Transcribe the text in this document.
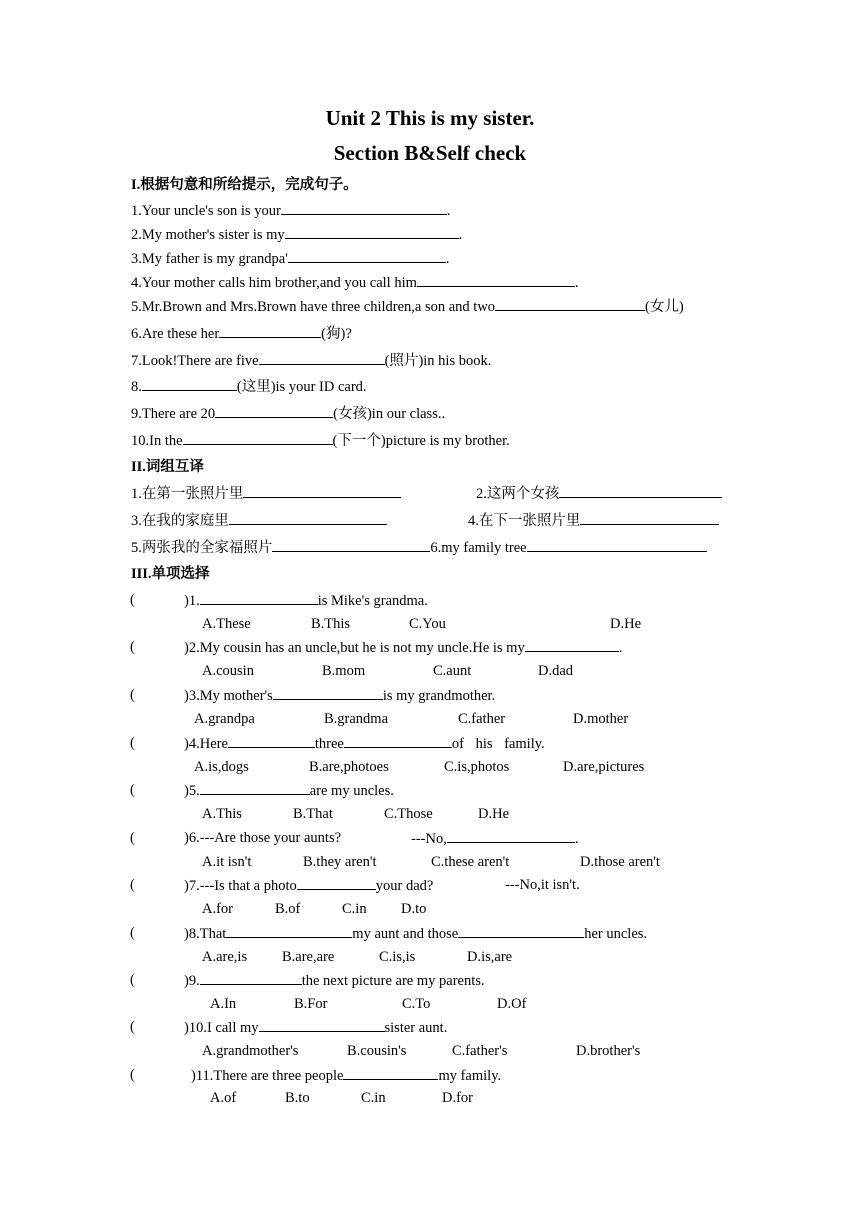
Unit 2 This is my sister.
Section B&Self check
I.根据句意和所给提示，完成句子。
1.Your uncle's son is your	.
2.My mother's sister is my	.
3.My father is my grandpa'	.
4.Your mother calls him brother,and you call him	.
5.Mr.Brown and Mrs.Brown have three children,a son and two	(女儿)
6.Are these her	(狗)?
7.Look!There are five	(照片)in his book.
8.	(这里)is your ID card.
9.There are 20	(女孩)in our class..
10.In the	(下一个)picture is my brother.
II.词组互译
1.在第一张照片里	2.这两个女孩
3.在我的家庭里	4.在下一张照片里
5.两张我的全家福照片	6.my family tree
III.单项选择
(	)1.	is Mike's grandma.
A.These	B.This	C.You	D.He
(	)2.My cousin has an uncle,but he is not my uncle.He is my	.
A.cousin	B.mom	C.aunt	D.dad
(	)3.My mother's	is my grandmother.
A.grandpa	B.grandma	C.father	D.mother
(	)4.Here	three	of his family.
A.is,dogs	B.are,photoes	C.is,photos	D.are,pictures
(	)5.	are my uncles.
A.This	B.That	C.Those	D.He
(	)6.---Are those your aunts?	---No,	.
A.it isn't	B.they aren't	C.these aren't	D.those aren't
(	)7.---Is that a photo	your dad?	---No,it isn't.
A.for	B.of	C.in D.to
(	)8.That	my aunt and those	her uncles.
A.are,is B.are,are	C.is,is	D.is,are
(	)9.	the next picture are my parents.
A.In	B.For	C.To	D.Of
(	)10.I call my	sister aunt.
A.grandmother's	B.cousin's	C.father's	D.brother's
(	)11.There are three people	my family.
A.of	B.to	C.in	D.for
